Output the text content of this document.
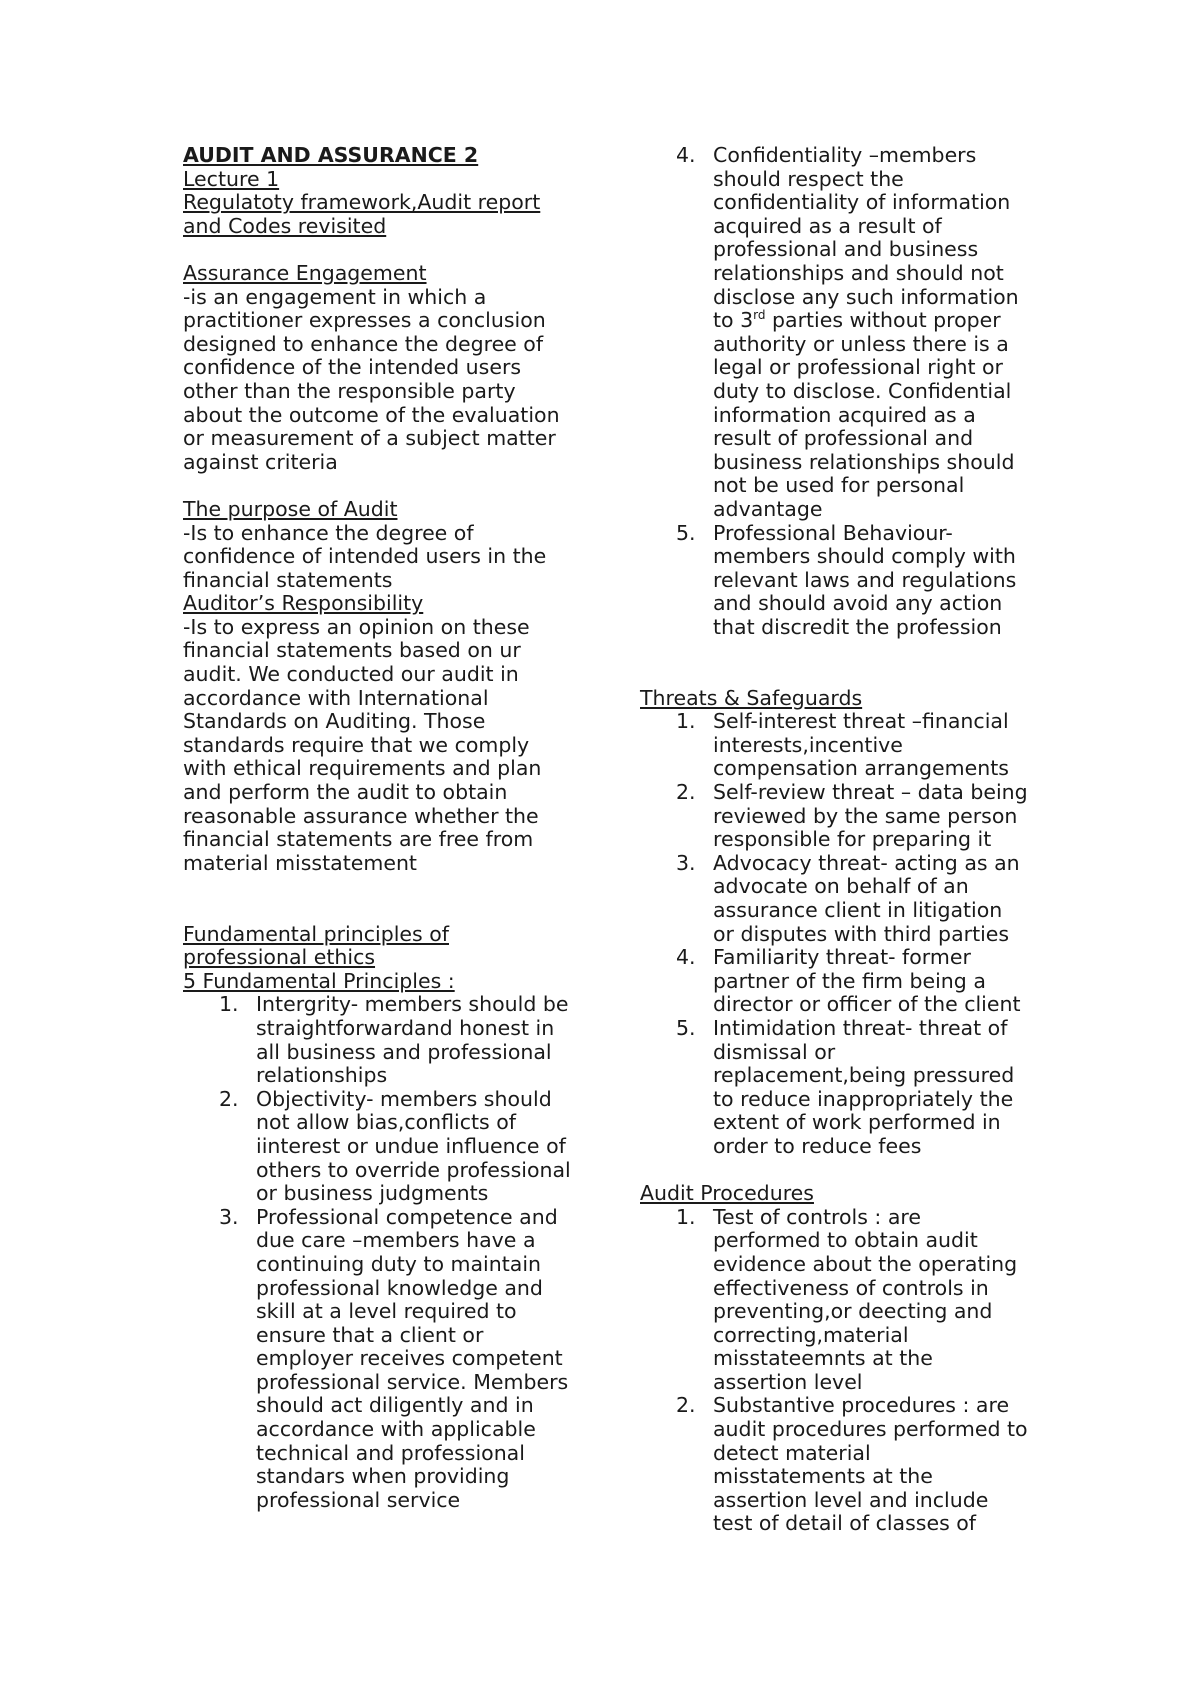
AUDIT AND ASSURANCE 2
Lecture 1
Regulatoty framework,Audit report
and Codes revisited
Assurance Engagement
-is an engagement in which a
practitioner expresses a conclusion
designed to enhance the degree of
confidence of the intended users
other than the responsible party
about the outcome of the evaluation
or measurement of a subject matter
against criteria
The purpose of Audit
-Is to enhance the degree of
confidence of intended users in the
financial statements
Auditor’s Responsibility
-Is to express an opinion on these
financial statements based on ur
audit. We conducted our audit in
accordance with International
Standards on Auditing. Those
standards require that we comply
with ethical requirements and plan
and perform the audit to obtain
reasonable assurance whether the
financial statements are free from
material misstatement
Fundamental principles of
professional ethics
5 Fundamental Principles :
1. Intergrity- members should be
straightforwardand honest in
all business and professional
relationships
2. Objectivity- members should
not allow bias,conflicts of
iinterest or undue influence of
others to override professional
or business judgments
3. Professional competence and
due care –members have a
continuing duty to maintain
professional knowledge and
skill at a level required to
ensure that a client or
employer receives competent
professional service. Members
should act diligently and in
accordance with applicable
technical and professional
standars when providing
professional service
4. Confidentiality –members
should respect the
confidentiality of information
acquired as a result of
professional and business
relationships and should not
disclose any such information
to 3rd parties without proper
authority or unless there is a
legal or professional right or
duty to disclose. Confidential
information acquired as a
result of professional and
business relationships should
not be used for personal
advantage
5. Professional Behaviour-
members should comply with
relevant laws and regulations
and should avoid any action
that discredit the profession
Threats & Safeguards
1. Self-interest threat –financial
interests,incentive
compensation arrangements
2. Self-review threat – data being
reviewed by the same person
responsible for preparing it
3. Advocacy threat- acting as an
advocate on behalf of an
assurance client in litigation
or disputes with third parties
4. Familiarity threat- former
partner of the firm being a
director or officer of the client
5. Intimidation threat- threat of
dismissal or
replacement,being pressured
to reduce inappropriately the
extent of work performed in
order to reduce fees
Audit Procedures
1. Test of controls : are
performed to obtain audit
evidence about the operating
effectiveness of controls in
preventing,or deecting and
correcting,material
misstateemnts at the
assertion level
2. Substantive procedures : are
audit procedures performed to
detect material
misstatements at the
assertion level and include
test of detail of classes of
